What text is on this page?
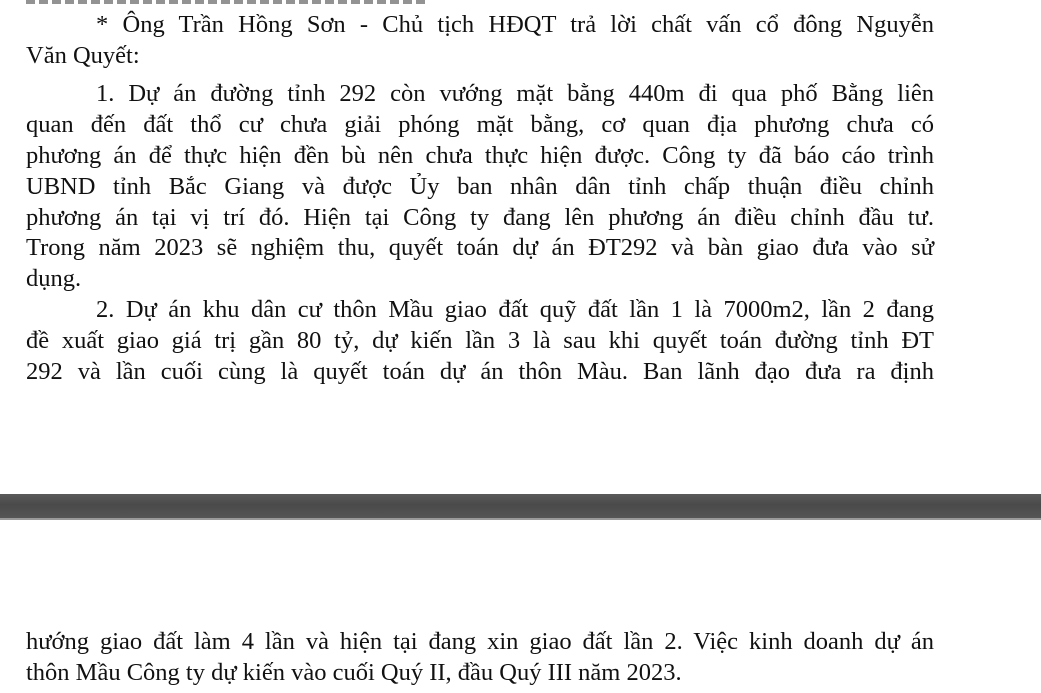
* Ông Trần Hồng Sơn - Chủ tịch HĐQT trả lời chất vấn cổ đông Nguyễn
Văn Quyết:
1. Dự án đường tỉnh 292 còn vướng mặt bằng 440m đi qua phố Bằng liên
quan đến đất thổ cư chưa giải phóng mặt bằng, cơ quan địa phương chưa có
phương án để thực hiện đền bù nên chưa thực hiện được. Công ty đã báo cáo trình
UBND tỉnh Bắc Giang và được Ủy ban nhân dân tỉnh chấp thuận điều chỉnh
phương án tại vị trí đó. Hiện tại Công ty đang lên phương án điều chỉnh đầu tư.
Trong năm 2023 sẽ nghiệm thu, quyết toán dự án ĐT292 và bàn giao đưa vào sử
dụng.
2. Dự án khu dân cư thôn Mầu giao đất quỹ đất lần 1 là 7000m2, lần 2 đang
đề xuất giao giá trị gần 80 tỷ, dự kiến lần 3 là sau khi quyết toán đường tỉnh ĐT
292 và lần cuối cùng là quyết toán dự án thôn Màu. Ban lãnh đạo đưa ra định
hướng giao đất làm 4 lần và hiện tại đang xin giao đất lần 2. Việc kinh doanh dự án
thôn Mầu Công ty dự kiến vào cuối Quý II, đầu Quý III năm 2023.
